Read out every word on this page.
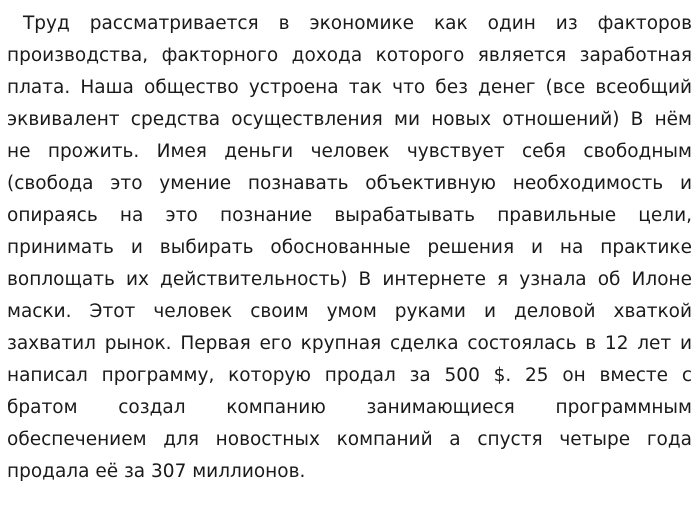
Труд рассматривается в экономике как один из факторов
производства, факторного дохода которого является заработная
плата. Наша общество устроена так что без денег (все всеобщий
эквивалент средства осуществления ми новых отношений) В нём
не прожить. Имея деньги человек чувствует себя свободным
(свобода это умение познавать объективную необходимость и
опираясь на это познание вырабатывать правильные цели,
принимать и выбирать обоснованные решения и на практике
воплощать их действительность) В интернете я узнала об Илоне
маски. Этот человек своим умом руками и деловой хваткой
захватил рынок. Первая его крупная сделка состоялась в 12 лет и
написал программу, которую продал за 500 $. 25 он вместе с
братом создал компанию занимающиеся программным
обеспечением для новостных компаний а спустя четыре года
продала её за 307 миллионов.
